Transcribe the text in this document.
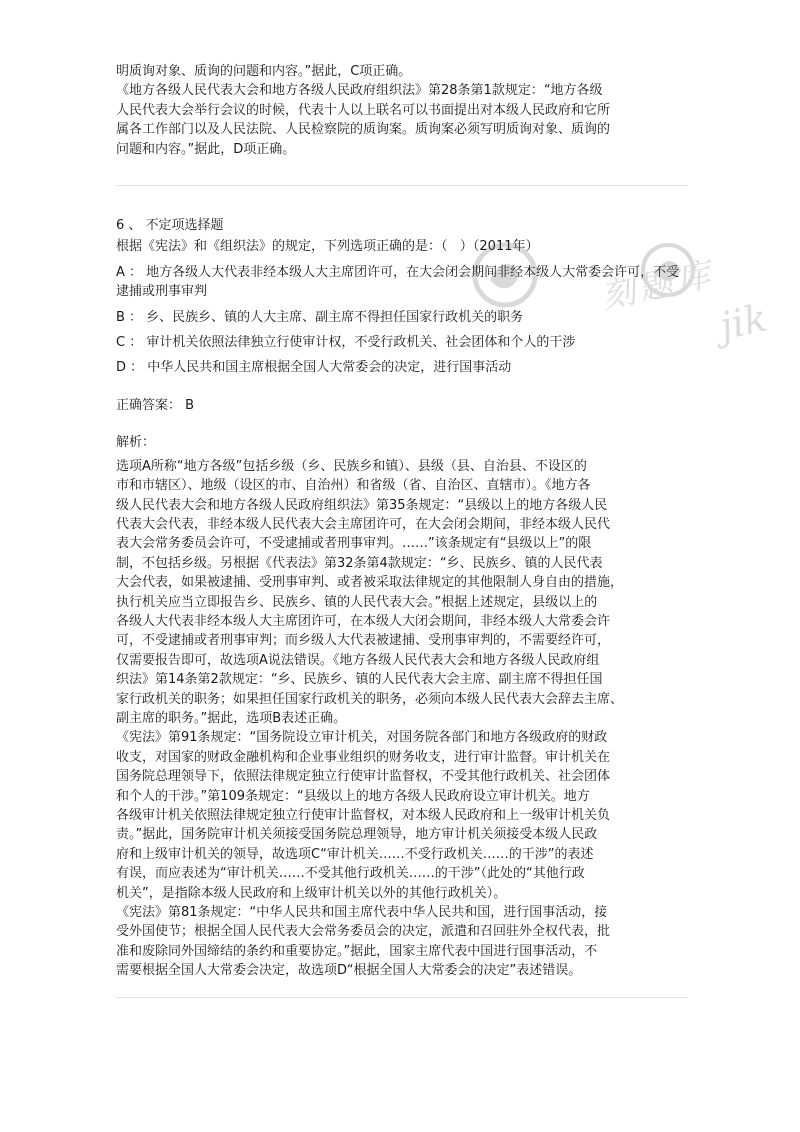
明质询对象、质询的问题和内容。”据此，C项正确。

《地方各级人民代表大会和地方各级人民政府组织法》第28条第1款规定：“地方各级

人民代表大会举行会议的时候，代表十人以上联名可以书面提出对本级人民政府和它所

属各工作部门以及人民法院、人民检察院的质询案。质询案必须写明质询对象、质询的

问题和内容。”据此，D项正确。

6 、 不定项选择题

根据《宪法》和《组织法》的规定，下列选项正确的是：（   ）（2011年）

A ： 地方各级人大代表非经本级人大主席团许可，在大会闭会期间非经本级人大常委会许可，不受逮捕或刑事审判

B ： 乡、民族乡、镇的人大主席、副主席不得担任国家行政机关的职务

C ： 审计机关依照法律独立行使审计权，不受行政机关、社会团体和个人的干涉

D ： 中华人民共和国主席根据全国人大常委会的决定，进行国事活动

正确答案： B

解析：

选项A所称“地方各级”包括乡级（乡、民族乡和镇）、县级（县、自治县、不设区的

市和市辖区）、地级（设区的市、自治州）和省级（省、自治区、直辖市）。《地方各

级人民代表大会和地方各级人民政府组织法》第35条规定：“县级以上的地方各级人民

代表大会代表，非经本级人民代表大会主席团许可，在大会闭会期间，非经本级人民代

表大会常务委员会许可，不受逮捕或者刑事审判。……”该条规定有“县级以上”的限

制，不包括乡级。另根据《代表法》第32条第4款规定：“乡、民族乡、镇的人民代表

大会代表，如果被逮捕、受刑事审判、或者被采取法律规定的其他限制人身自由的措施，

执行机关应当立即报告乡、民族乡、镇的人民代表大会。”根据上述规定，县级以上的

各级人大代表非经本级人大主席团许可，在本级人大闭会期间，非经本级人大常委会许

可，不受逮捕或者刑事审判；而乡级人大代表被逮捕、受刑事审判的，不需要经许可，

仅需要报告即可，故选项A说法错误。《地方各级人民代表大会和地方各级人民政府组

织法》第14条第2款规定：“乡、民族乡、镇的人民代表大会主席、副主席不得担任国

家行政机关的职务；如果担任国家行政机关的职务，必须向本级人民代表大会辞去主席、

副主席的职务。”据此，选项B表述正确。

《宪法》第91条规定：“国务院设立审计机关，对国务院各部门和地方各级政府的财政

收支，对国家的财政金融机构和企业事业组织的财务收支，进行审计监督。审计机关在

国务院总理领导下，依照法律规定独立行使审计监督权，不受其他行政机关、社会团体

和个人的干涉。”第109条规定：“县级以上的地方各级人民政府设立审计机关。地方

各级审计机关依照法律规定独立行使审计监督权，对本级人民政府和上一级审计机关负

责。”据此，国务院审计机关须接受国务院总理领导，地方审计机关须接受本级人民政

府和上级审计机关的领导，故选项C“审计机关……不受行政机关……的干涉”的表述

有误，而应表述为“审计机关……不受其他行政机关……的干涉”（此处的“其他行政

机关”，是指除本级人民政府和上级审计机关以外的其他行政机关）。

《宪法》第81条规定：“中华人民共和国主席代表中华人民共和国，进行国事活动，接

受外国使节；根据全国人民代表大会常务委员会的决定，派遣和召回驻外全权代表，批

准和废除同外国缔结的条约和重要协定。”据此，国家主席代表中国进行国事活动，不

需要根据全国人大常委会决定，故选项D“根据全国人大常委会的决定”表述错误。

刻题库
jik
